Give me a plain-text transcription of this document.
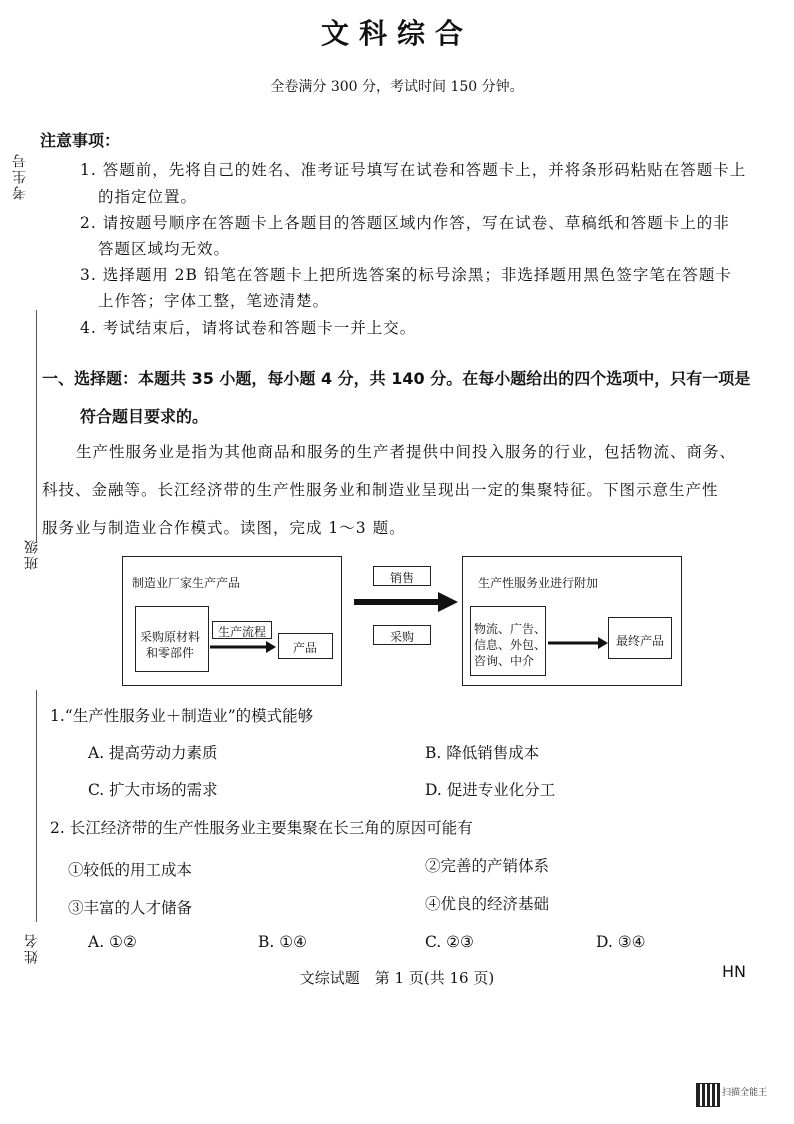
文科综合
全卷满分 300 分，考试时间 150 分钟。
考生号
班级
姓名
注意事项：
1. 答题前，先将自己的姓名、准考证号填写在试卷和答题卡上，并将条形码粘贴在答题卡上
的指定位置。
2. 请按题号顺序在答题卡上各题目的答题区域内作答，写在试卷、草稿纸和答题卡上的非
答题区域均无效。
3. 选择题用 2B 铅笔在答题卡上把所选答案的标号涂黑；非选择题用黑色签字笔在答题卡
上作答；字体工整，笔迹清楚。
4. 考试结束后，请将试卷和答题卡一并上交。
一、选择题：本题共 35 小题，每小题 4 分，共 140 分。在每小题给出的四个选项中，只有一项是
符合题目要求的。
生产性服务业是指为其他商品和服务的生产者提供中间投入服务的行业，包括物流、商务、
科技、金融等。长江经济带的生产性服务业和制造业呈现出一定的集聚特征。下图示意生产性
服务业与制造业合作模式。读图，完成 1～3 题。
制造业厂家生产产品
采购原材料
和零部件
生产流程
产品
销售
采购
生产性服务业进行附加
物流、广告、
信息、外包、
咨询、中介
最终产品
1.“生产性服务业＋制造业”的模式能够
A. 提高劳动力素质	B. 降低销售成本
C. 扩大市场的需求	D. 促进专业化分工
2. 长江经济带的生产性服务业主要集聚在长三角的原因可能有
①较低的用工成本	②完善的产销体系
③丰富的人才储备	④优良的经济基础
A. ①②	B. ①④	C. ②③	D. ③④
文综试题　第 1 页(共 16 页)	HN
扫描全能王
